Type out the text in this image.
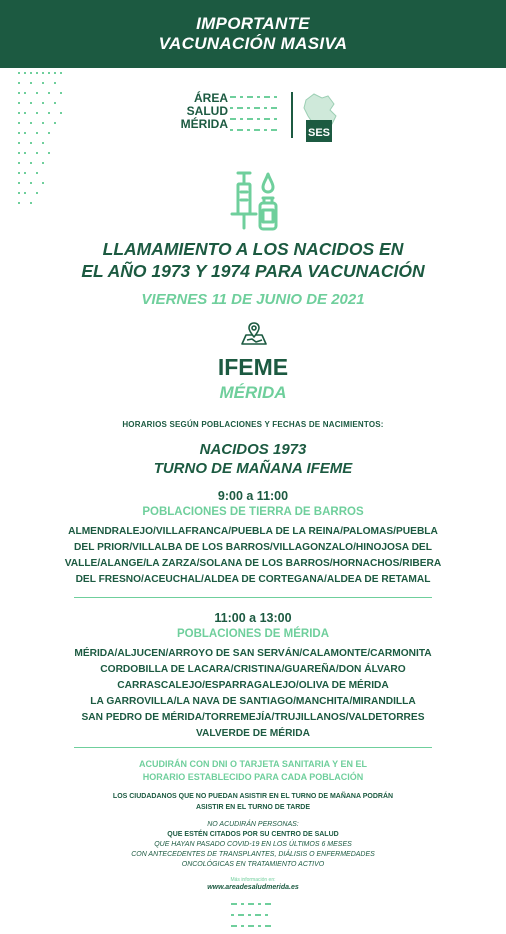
IMPORTANTE
VACUNACIÓN MASIVA
ÁREA
SALUD
MÉRIDA
SES
LLAMAMIENTO A LOS NACIDOS EN
EL AÑO 1973 Y 1974 PARA VACUNACIÓN
VIERNES 11 DE JUNIO DE 2021
IFEME
MÉRIDA
HORARIOS SEGÚN POBLACIONES Y FECHAS DE NACIMIENTOS:
NACIDOS 1973
TURNO DE MAÑANA IFEME
9:00 a 11:00
POBLACIONES DE TIERRA DE BARROS
ALMENDRALEJO/VILLAFRANCA/PUEBLA DE LA REINA/PALOMAS/PUEBLA
DEL PRIOR/VILLALBA DE LOS BARROS/VILLAGONZALO/HINOJOSA DEL
VALLE/ALANGE/LA ZARZA/SOLANA DE LOS BARROS/HORNACHOS/RIBERA
DEL FRESNO/ACEUCHAL/ALDEA DE CORTEGANA/ALDEA DE RETAMAL
11:00 a 13:00
POBLACIONES DE MÉRIDA
MÉRIDA/ALJUCEN/ARROYO DE SAN SERVÁN/CALAMONTE/CARMONITA
CORDOBILLA DE LACARA/CRISTINA/GUAREÑA/DON ÁLVARO
CARRASCALEJO/ESPARRAGALEJO/OLIVA DE MÉRIDA
LA GARROVILLA/LA NAVA DE SANTIAGO/MANCHITA/MIRANDILLA
SAN PEDRO DE MÉRIDA/TORREMEJÍA/TRUJILLANOS/VALDETORRES
VALVERDE DE MÉRIDA
ACUDIRÁN CON DNI O TARJETA SANITARIA Y EN EL
HORARIO ESTABLECIDO PARA CADA POBLACIÓN
LOS CIUDADANOS QUE NO PUEDAN ASISTIR EN EL TURNO DE MAÑANA PODRÁN
ASISTIR EN EL TURNO DE TARDE
NO ACUDIRÁN PERSONAS:
QUE ESTÉN CITADOS POR SU CENTRO DE SALUD
QUE HAYAN PASADO COVID-19 EN LOS ÚLTIMOS 6 MESES
CON ANTECEDENTES DE TRANSPLANTES, DIÁLISIS O ENFERMEDADES
ONCOLÓGICAS EN TRATAMIENTO ACTIVO
Más información en:
www.areadesaludmerida.es
